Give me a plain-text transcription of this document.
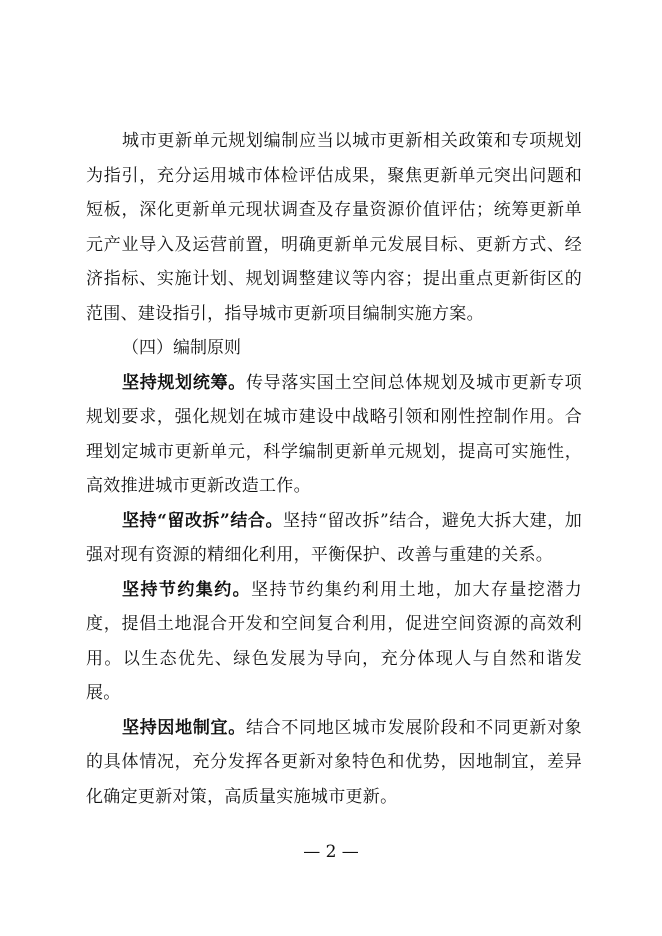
城市更新单元规划编制应当以城市更新相关政策和专项规划为指引，充分运用城市体检评估成果，聚焦更新单元突出问题和短板，深化更新单元现状调查及存量资源价值评估；统筹更新单元产业导入及运营前置，明确更新单元发展目标、更新方式、经济指标、实施计划、规划调整建议等内容；提出重点更新街区的范围、建设指引，指导城市更新项目编制实施方案。

（四）编制原则

坚持规划统筹。传导落实国土空间总体规划及城市更新专项规划要求，强化规划在城市建设中战略引领和刚性控制作用。合理划定城市更新单元，科学编制更新单元规划，提高可实施性，高效推进城市更新改造工作。

坚持“留改拆”结合。坚持“留改拆”结合，避免大拆大建，加强对现有资源的精细化利用，平衡保护、改善与重建的关系。

坚持节约集约。坚持节约集约利用土地，加大存量挖潜力度，提倡土地混合开发和空间复合利用，促进空间资源的高效利用。以生态优先、绿色发展为导向，充分体现人与自然和谐发展。

坚持因地制宜。结合不同地区城市发展阶段和不同更新对象的具体情况，充分发挥各更新对象特色和优势，因地制宜，差异化确定更新对策，高质量实施城市更新。

— 2 —
